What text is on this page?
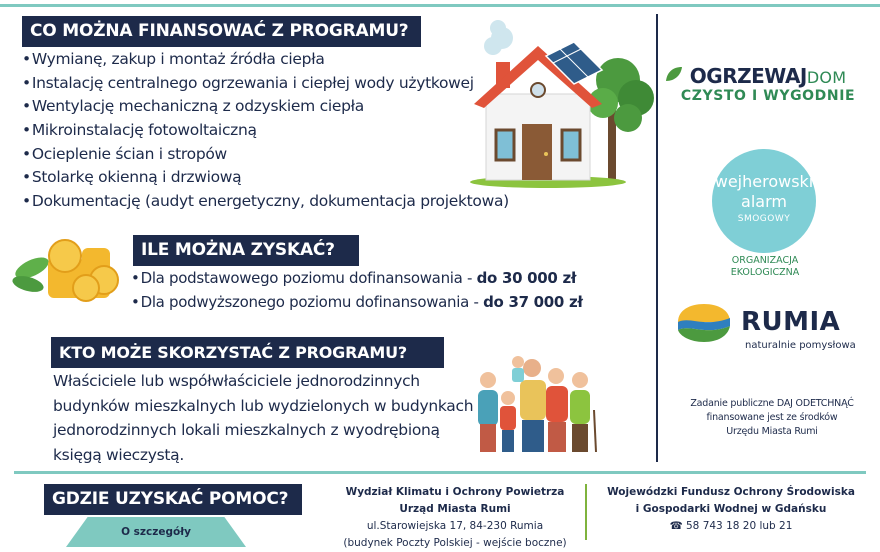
CO MOŻNA FINANSOWAĆ Z PROGRAMU?
•Wymianę, zakup i montaż źródła ciepła
•Instalację centralnego ogrzewania i ciepłej wody użytkowej
•Wentylację mechaniczną z odzyskiem ciepła
•Mikroinstalację fotowoltaiczną
•Ocieplenie ścian i stropów
•Stolarkę okienną i drzwiową
•Dokumentację (audyt energetyczny, dokumentacja projektowa)
ILE MOŻNA ZYSKAĆ?
•Dla podstawowego poziomu dofinansowania - do 30 000 zł
•Dla podwyższonego poziomu dofinansowania - do 37 000 zł
KTO MOŻE SKORZYSTAĆ Z PROGRAMU?
Właściciele lub współwłaściciele jednorodzinnych
budynków mieszkalnych lub wydzielonych w budynkach
jednorodzinnych lokali mieszkalnych z wyodrębioną
księgą wieczystą.
OGRZEWAJDOM
CZYSTO I WYGODNIE
wejherowski
alarm
SMOGOWY
ORGANIZACJA
EKOLOGICZNA
RUMIA
naturalnie pomysłowa
Zadanie publiczne DAJ ODETCHNĄĆ
finansowane jest ze środków
Urzędu Miasta Rumi
GDZIE UZYSKAĆ POMOC?
O szczegóły
Wydział Klimatu i Ochrony Powietrza
Urząd Miasta Rumi
ul.Starowiejska 17, 84-230 Rumia
(budynek Poczty Polskiej - wejście boczne)
Wojewódzki Fundusz Ochrony Środowiska
i Gospodarki Wodnej w Gdańsku
☎ 58 743 18 20 lub 21
